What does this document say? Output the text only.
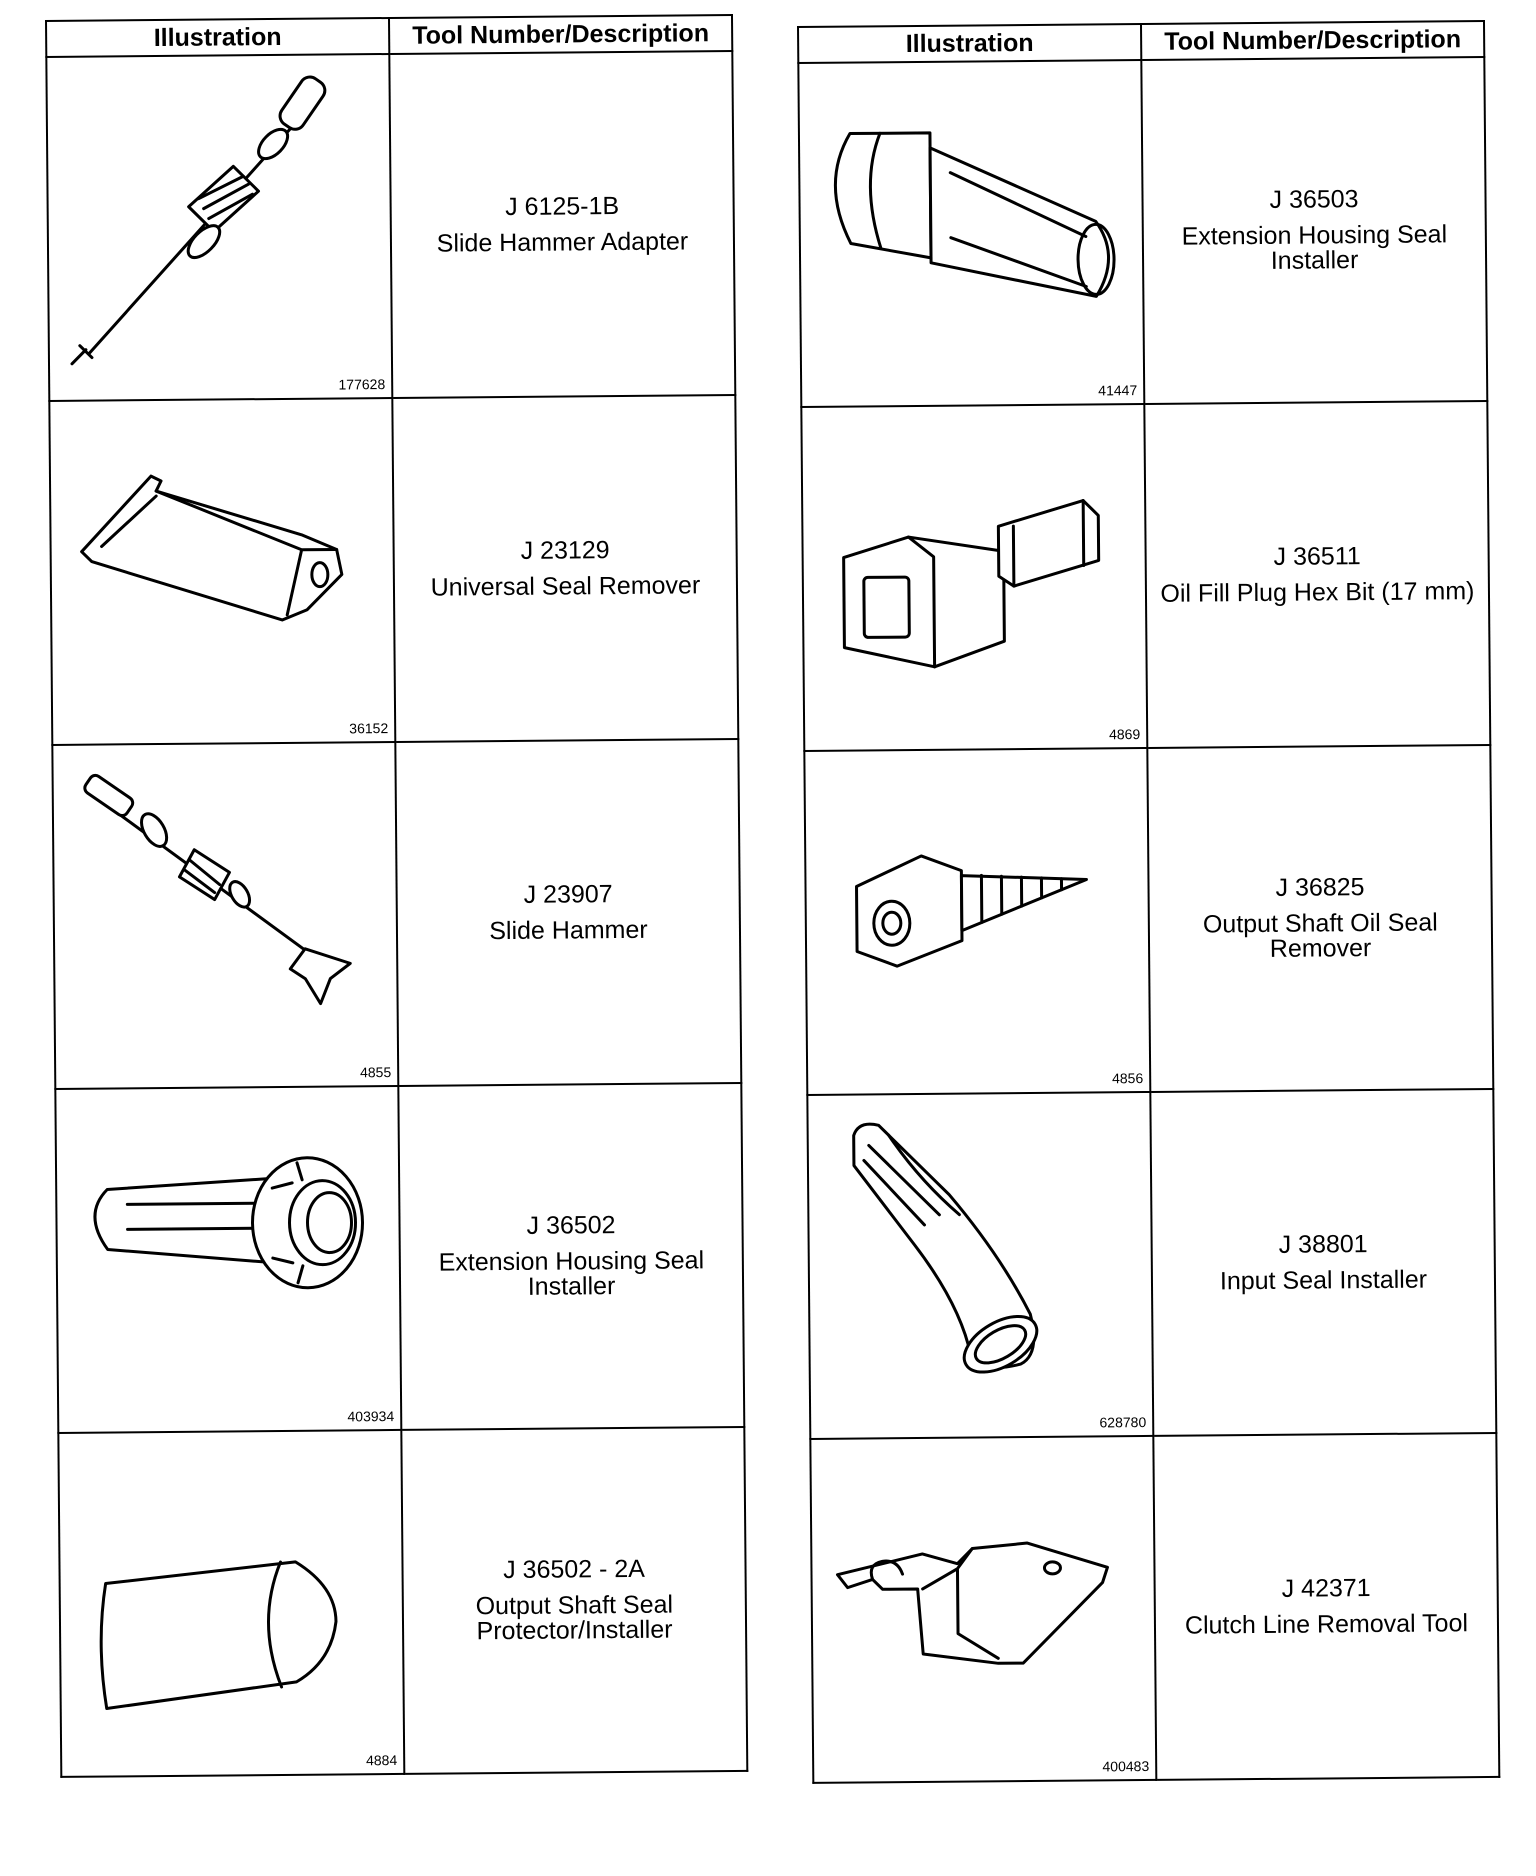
Illustration	Tool Number/Description

177628	J 6125-1B
Slide Hammer Adapter

36152	J 23129
Universal Seal Remover

4855	J 23907
Slide Hammer

403934	J 36502
Extension Housing Seal Installer

4884	J 36502 - 2A
Output Shaft Seal Protector/Installer
Illustration	Tool Number/Description

41447	J 36503
Extension Housing Seal Installer

4869	J 36511
Oil Fill Plug Hex Bit (17 mm)

4856	J 36825
Output Shaft Oil Seal Remover

628780	J 38801
Input Seal Installer

400483	J 42371
Clutch Line Removal Tool
